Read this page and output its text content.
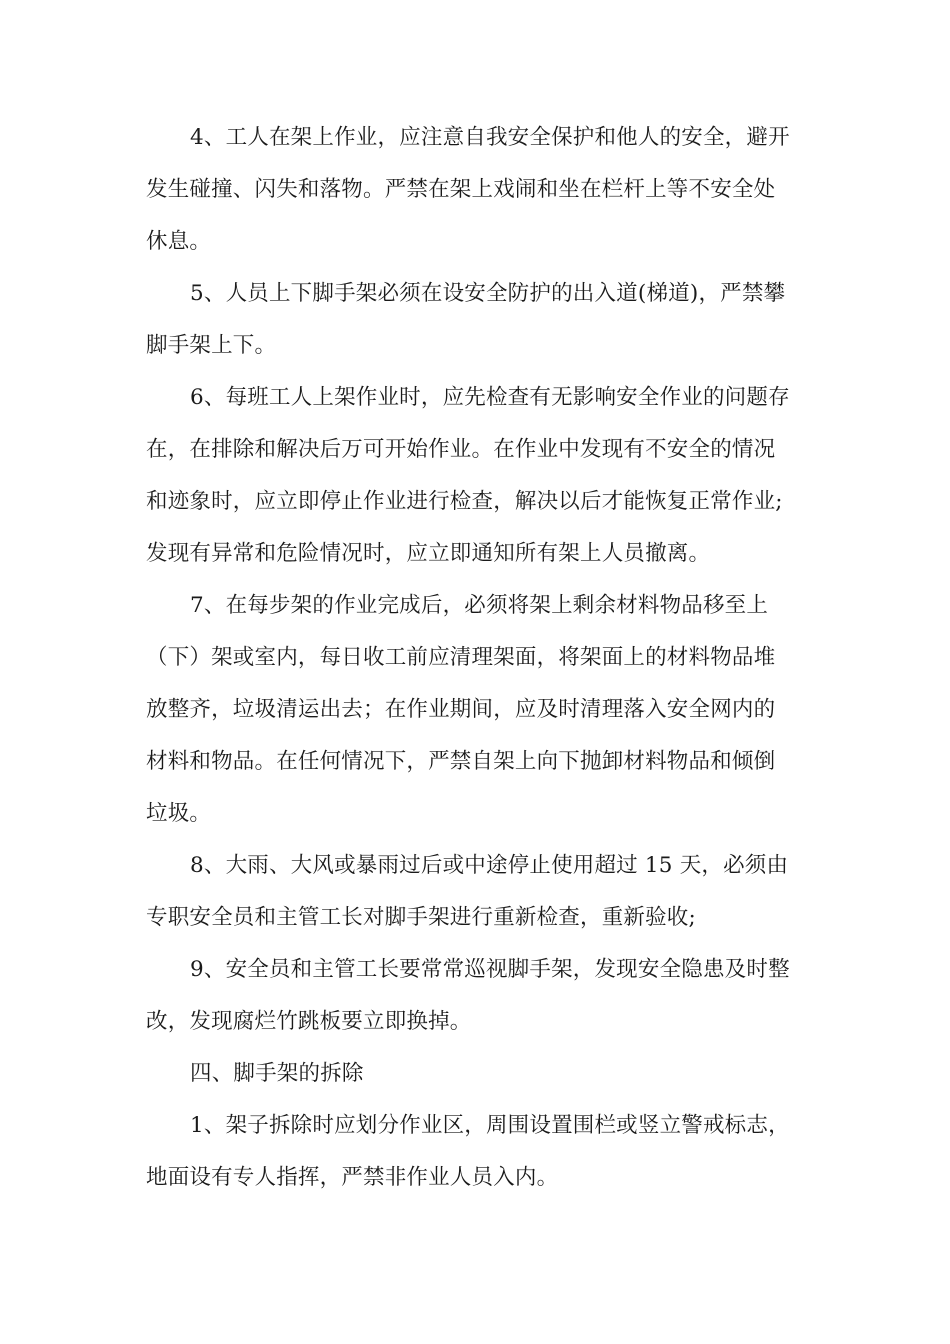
4、工人在架上作业，应注意自我安全保护和他人的安全，避开
发生碰撞、闪失和落物。严禁在架上戏闹和坐在栏杆上等不安全处
休息。
5、人员上下脚手架必须在设安全防护的出入道(梯道)，严禁攀
脚手架上下。
6、每班工人上架作业时，应先检查有无影响安全作业的问题存
在，在排除和解决后万可开始作业。在作业中发现有不安全的情况
和迹象时，应立即停止作业进行检查，解决以后才能恢复正常作业;
发现有异常和危险情况时，应立即通知所有架上人员撤离。
7、在每步架的作业完成后，必须将架上剩余材料物品移至上
（下）架或室内，每日收工前应清理架面，将架面上的材料物品堆
放整齐，垃圾清运出去；在作业期间，应及时清理落入安全网内的
材料和物品。在任何情况下，严禁自架上向下抛卸材料物品和倾倒
垃圾。
8、大雨、大风或暴雨过后或中途停止使用超过 15 天，必须由
专职安全员和主管工长对脚手架进行重新检查，重新验收;
9、安全员和主管工长要常常巡视脚手架，发现安全隐患及时整
改，发现腐烂竹跳板要立即换掉。
四、脚手架的拆除
1、架子拆除时应划分作业区，周围设置围栏或竖立警戒标志，
地面设有专人指挥，严禁非作业人员入内。
